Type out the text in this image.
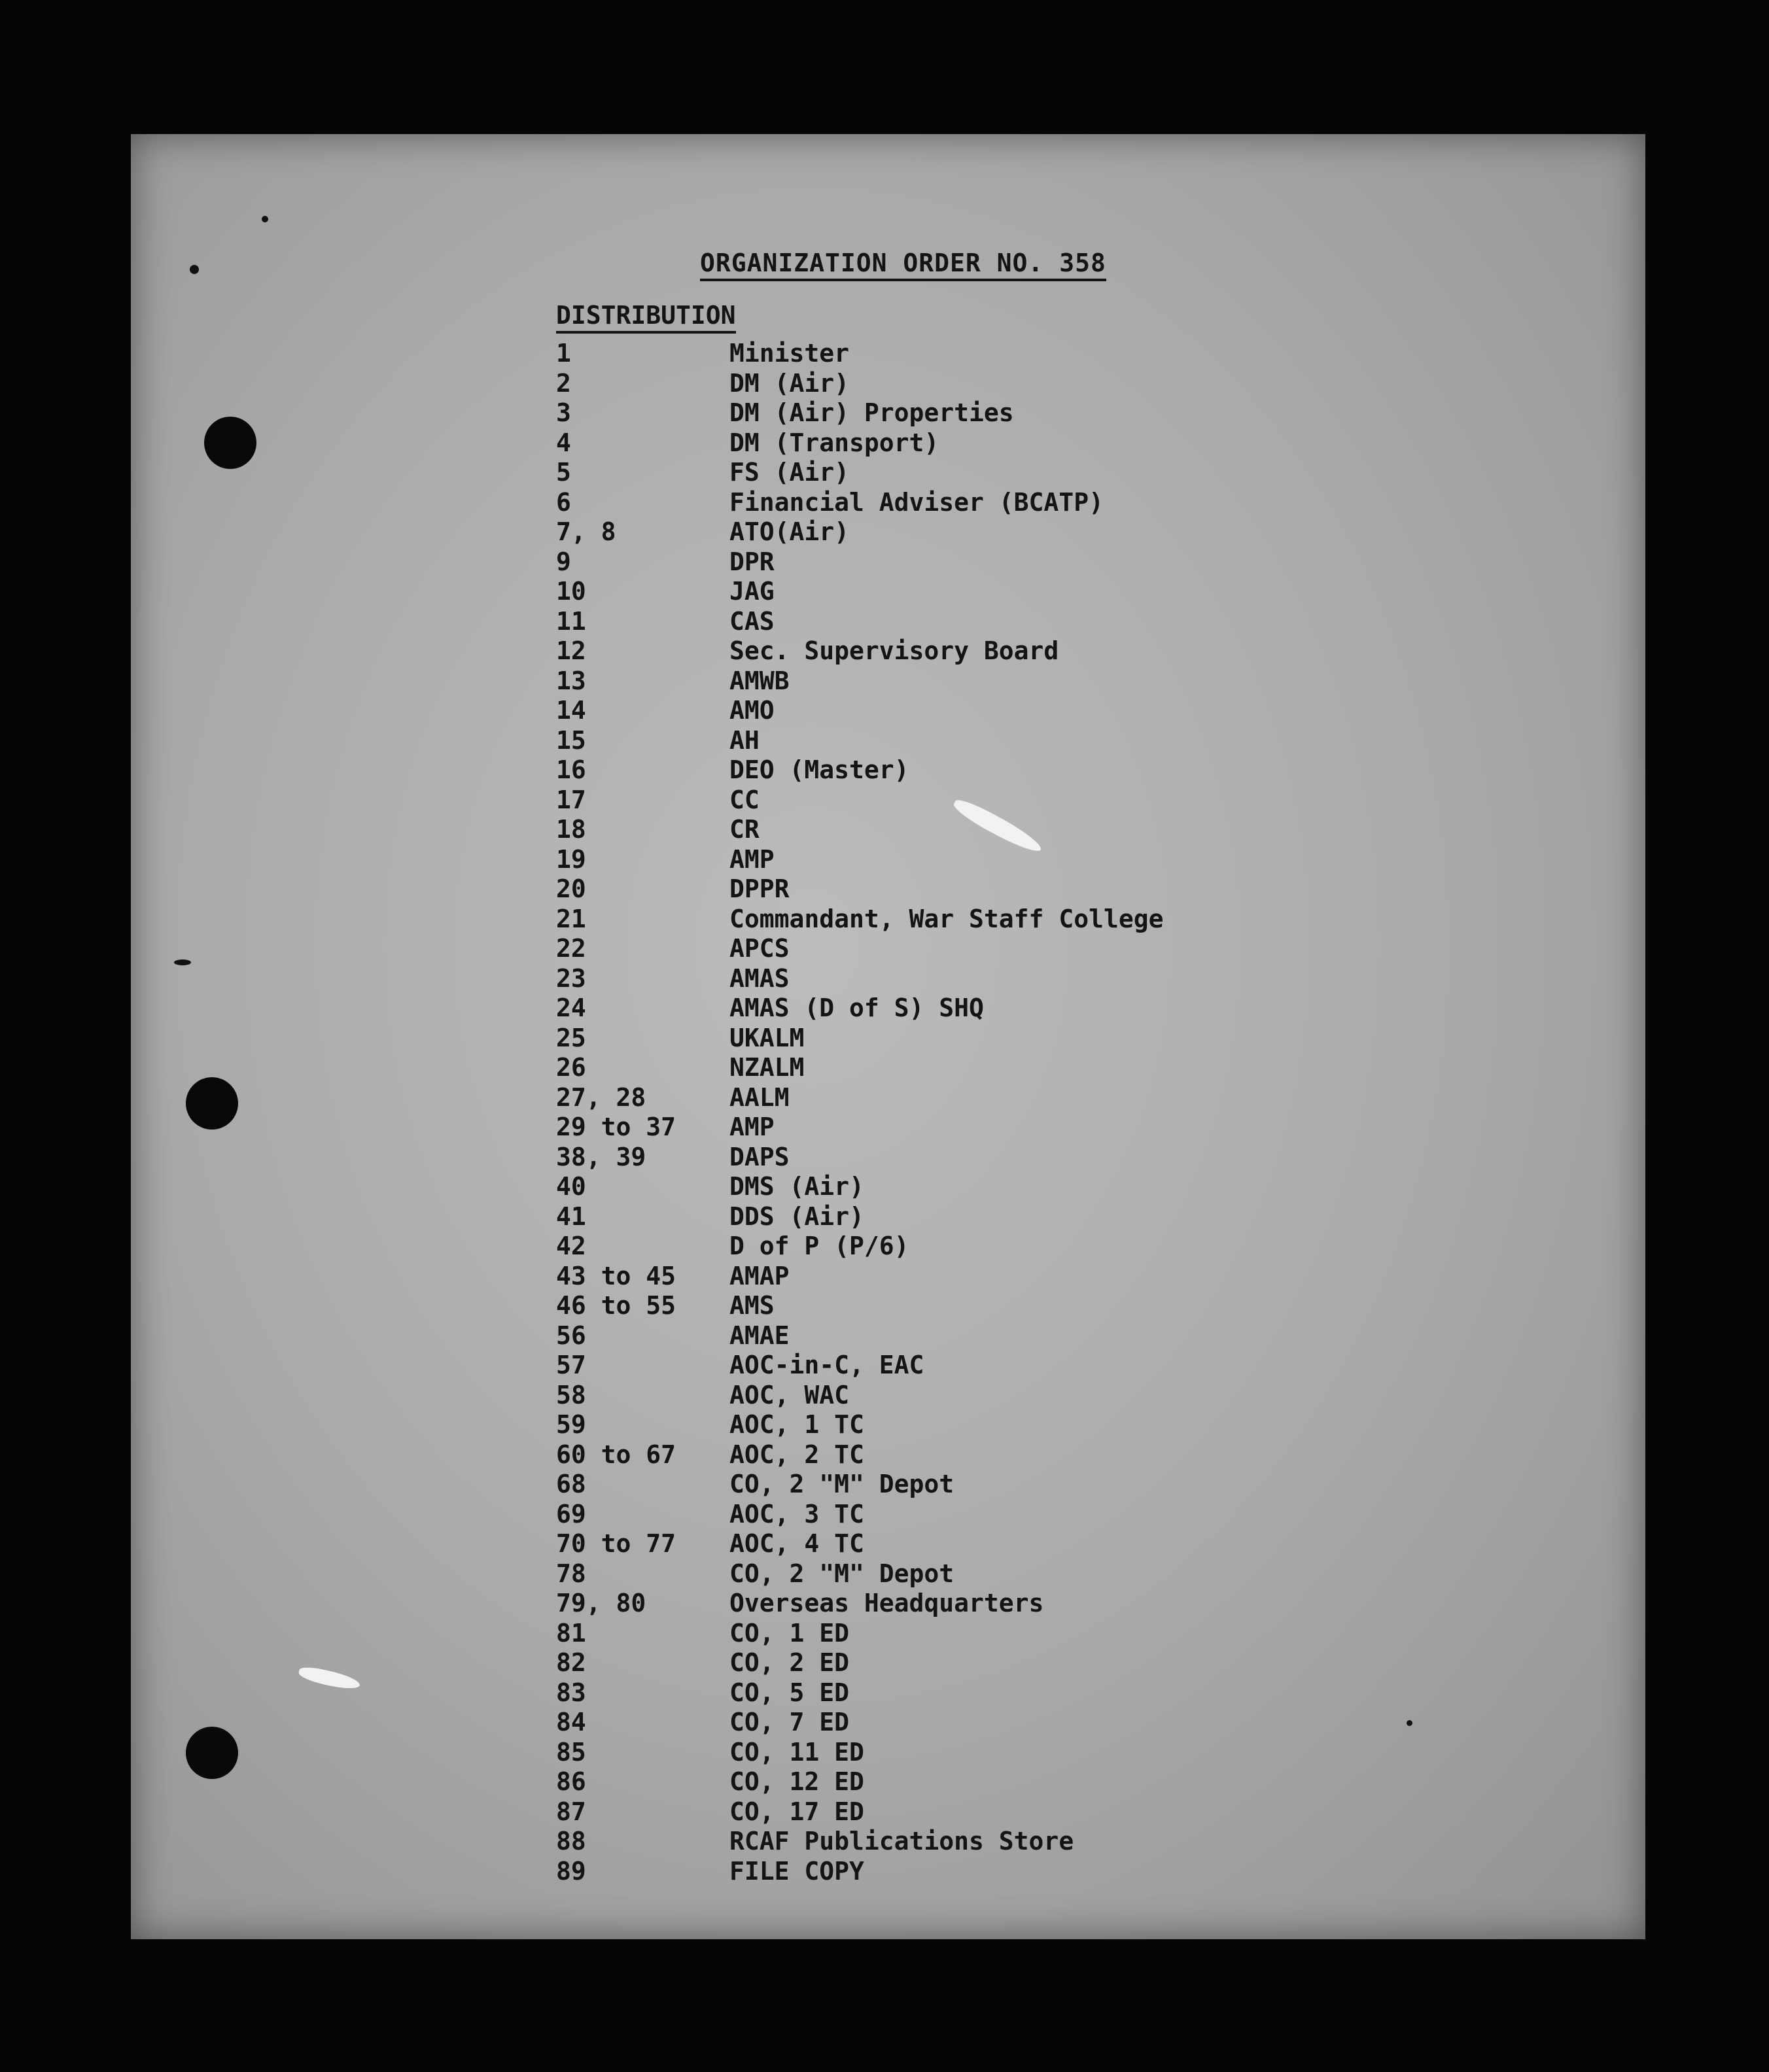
ORGANIZATION ORDER NO. 358
DISTRIBUTION
1	Minister
2	DM (Air)
3	DM (Air) Properties
4	DM (Transport)
5	FS (Air)
6	Financial Adviser (BCATP)
7, 8	ATO(Air)
9	DPR
10	JAG
11	CAS
12	Sec. Supervisory Board
13	AMWB
14	AMO
15	AH
16	DEO (Master)
17	CC
18	CR
19	AMP
20	DPPR
21	Commandant, War Staff College
22	APCS
23	AMAS
24	AMAS (D of S) SHQ
25	UKALM
26	NZALM
27, 28	AALM
29 to 37 AMP
38, 39	DAPS
40	DMS (Air)
41	DDS (Air)
42	D of P (P/6)
43 to 45 AMAP
46 to 55 AMS
56	AMAE
57	AOC-in-C, EAC
58	AOC, WAC
59	AOC, 1 TC
60 to 67 AOC, 2 TC
68	CO, 2 "M" Depot
69	AOC, 3 TC
70 to 77 AOC, 4 TC
78	CO, 2 "M" Depot
79, 80	Overseas Headquarters
81	CO, 1 ED
82	CO, 2 ED
83	CO, 5 ED
84	CO, 7 ED
85	CO, 11 ED
86	CO, 12 ED
87	CO, 17 ED
88	RCAF Publications Store
89	FILE COPY
